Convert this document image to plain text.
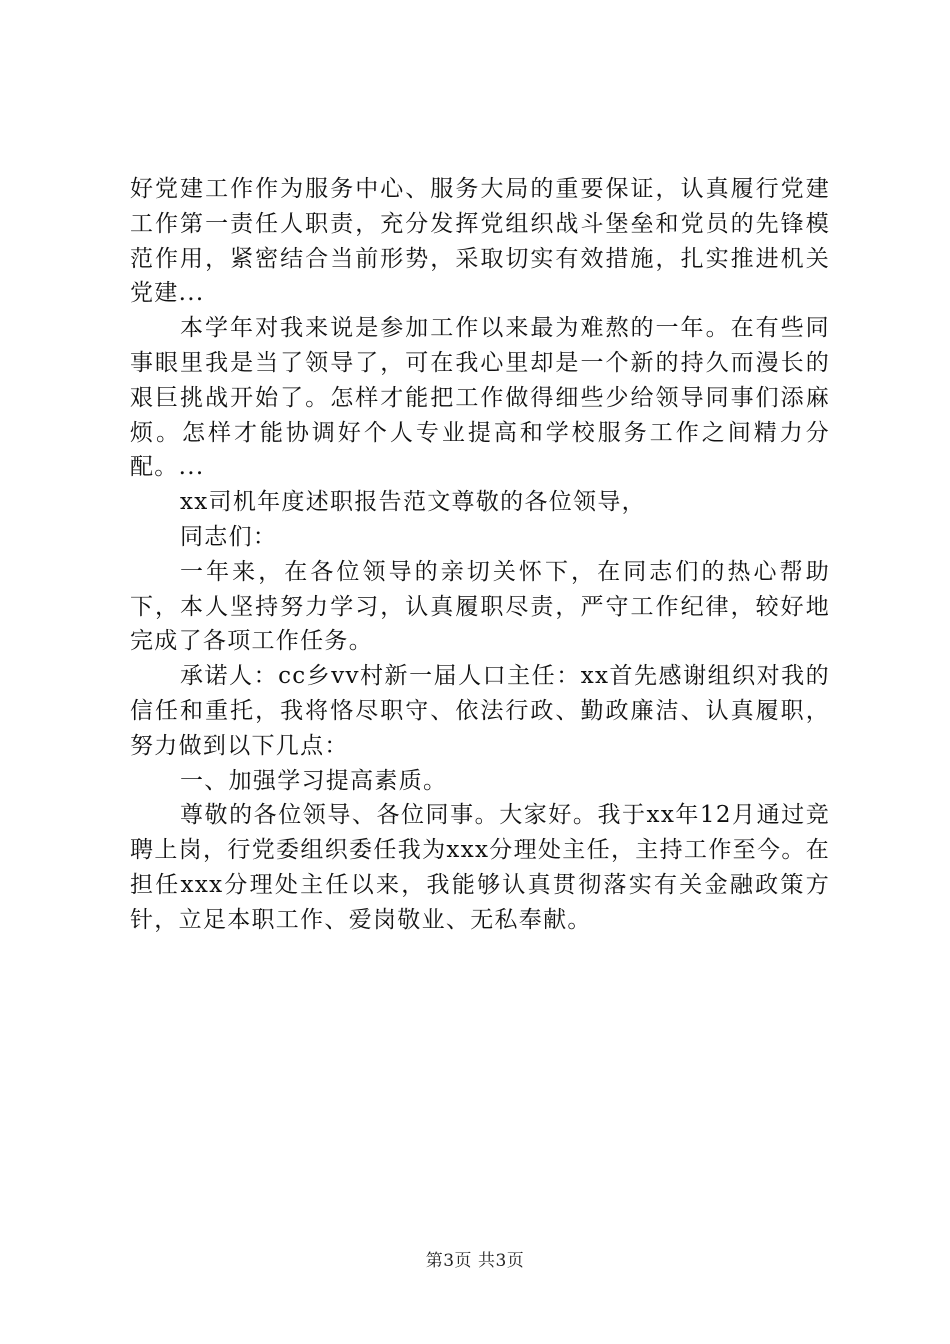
好党建工作作为服务中心、服务大局的重要保证，认真履行党建工作第一责任人职责，充分发挥党组织战斗堡垒和党员的先锋模范作用，紧密结合当前形势，采取切实有效措施，扎实推进机关党建...

本学年对我来说是参加工作以来最为难熬的一年。在有些同事眼里我是当了领导了，可在我心里却是一个新的持久而漫长的艰巨挑战开始了。怎样才能把工作做得细些少给领导同事们添麻烦。怎样才能协调好个人专业提高和学校服务工作之间精力分配。...

xx司机年度述职报告范文尊敬的各位领导，

同志们：

一年来，在各位领导的亲切关怀下，在同志们的热心帮助下，本人坚持努力学习，认真履职尽责，严守工作纪律，较好地完成了各项工作任务。

承诺人：cc乡vv村新一届人口主任：xx首先感谢组织对我的信任和重托，我将恪尽职守、依法行政、勤政廉洁、认真履职，努力做到以下几点：

一、加强学习提高素质。

尊敬的各位领导、各位同事。大家好。我于xx年12月通过竞聘上岗，行党委组织委任我为xxx分理处主任，主持工作至今。在担任xxx分理处主任以来，我能够认真贯彻落实有关金融政策方针，立足本职工作、爱岗敬业、无私奉献。

第3页 共3页
